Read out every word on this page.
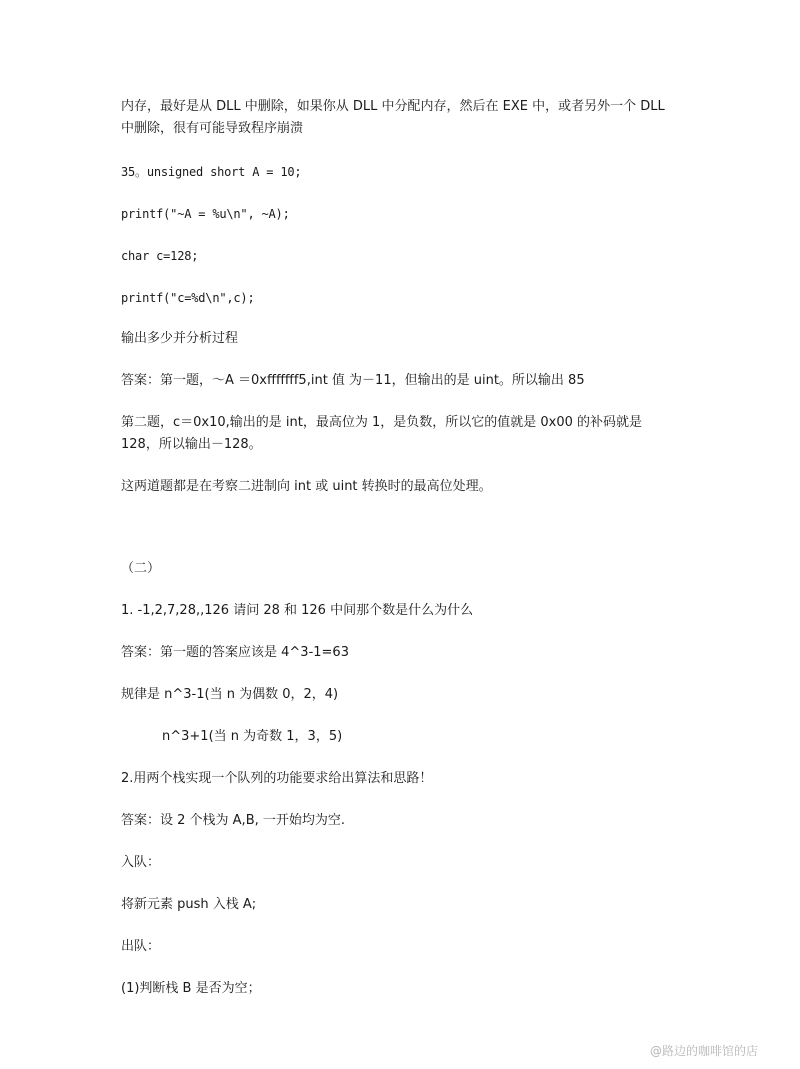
内存，最好是从 DLL 中删除，如果你从 DLL 中分配内存，然后在 EXE 中，或者另外一个 DLL
中删除，很有可能导致程序崩溃
35。unsigned short A = 10;
printf("~A = %u\n", ~A);
char c=128;
printf("c=%d\n",c);
输出多少并分析过程
答案：第一题，～A ＝0xfffffff5,int 值 为－11，但输出的是 uint。所以输出 85
第二题，c＝0x10,输出的是 int，最高位为 1，是负数，所以它的值就是 0x00 的补码就是
128，所以输出－128。
这两道题都是在考察二进制向 int 或 uint 转换时的最高位处理。
（二）
1. -1,2,7,28,,126 请问 28 和 126 中间那个数是什么为什么
答案：第一题的答案应该是 4^3-1=63
规律是 n^3-1(当 n 为偶数 0，2，4)
n^3+1(当 n 为奇数 1，3，5)
2.用两个栈实现一个队列的功能要求给出算法和思路！
答案：设 2 个栈为 A,B, 一开始均为空.
入队：
将新元素 push 入栈 A;
出队：
(1)判断栈 B 是否为空；
@路边的咖啡馆的店
